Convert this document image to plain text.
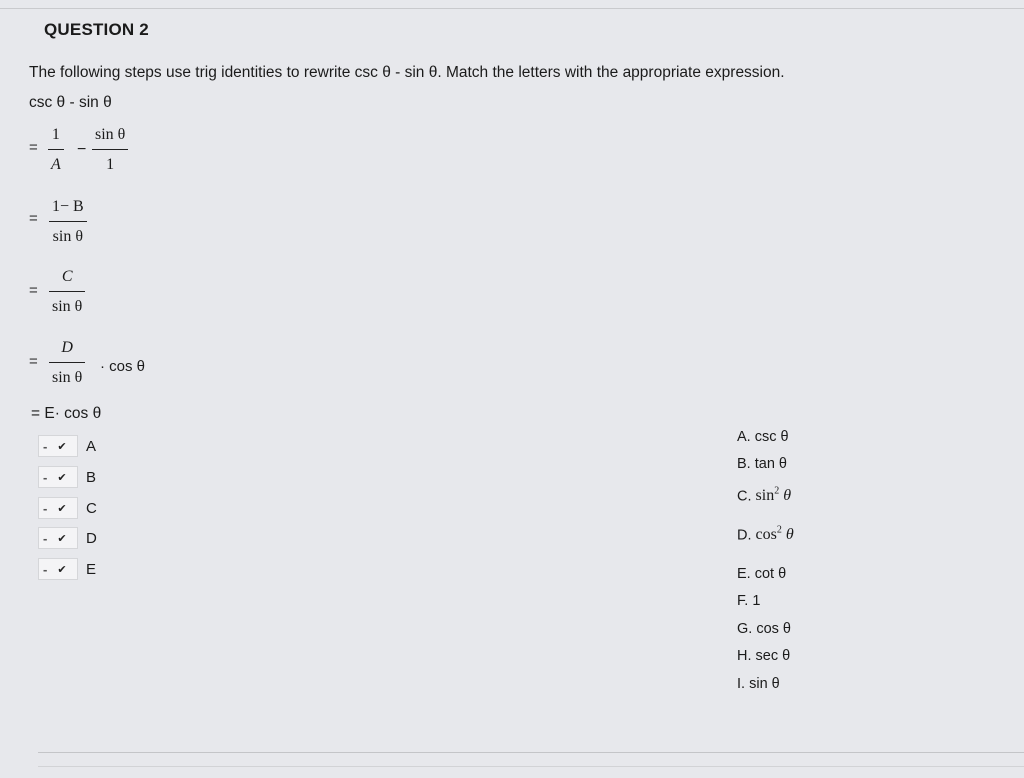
QUESTION 2
The following steps use trig identities to rewrite csc θ - sin θ. Match the letters with the appropriate expression.
csc θ - sin θ
=
1
A
−
sin θ
1
=
1− B
sin θ
=
C
sin θ
=
D
sin θ
· cos θ
= E· cos θ
- ✔ A
- ✔ B
- ✔ C
- ✔ D
- ✔ E
A. csc θ
B. tan θ
C. $\sin^2 \theta$
D. $\cos^2 \theta$
E. cot θ
F. 1
G. cos θ
H. sec θ
I. sin θ
